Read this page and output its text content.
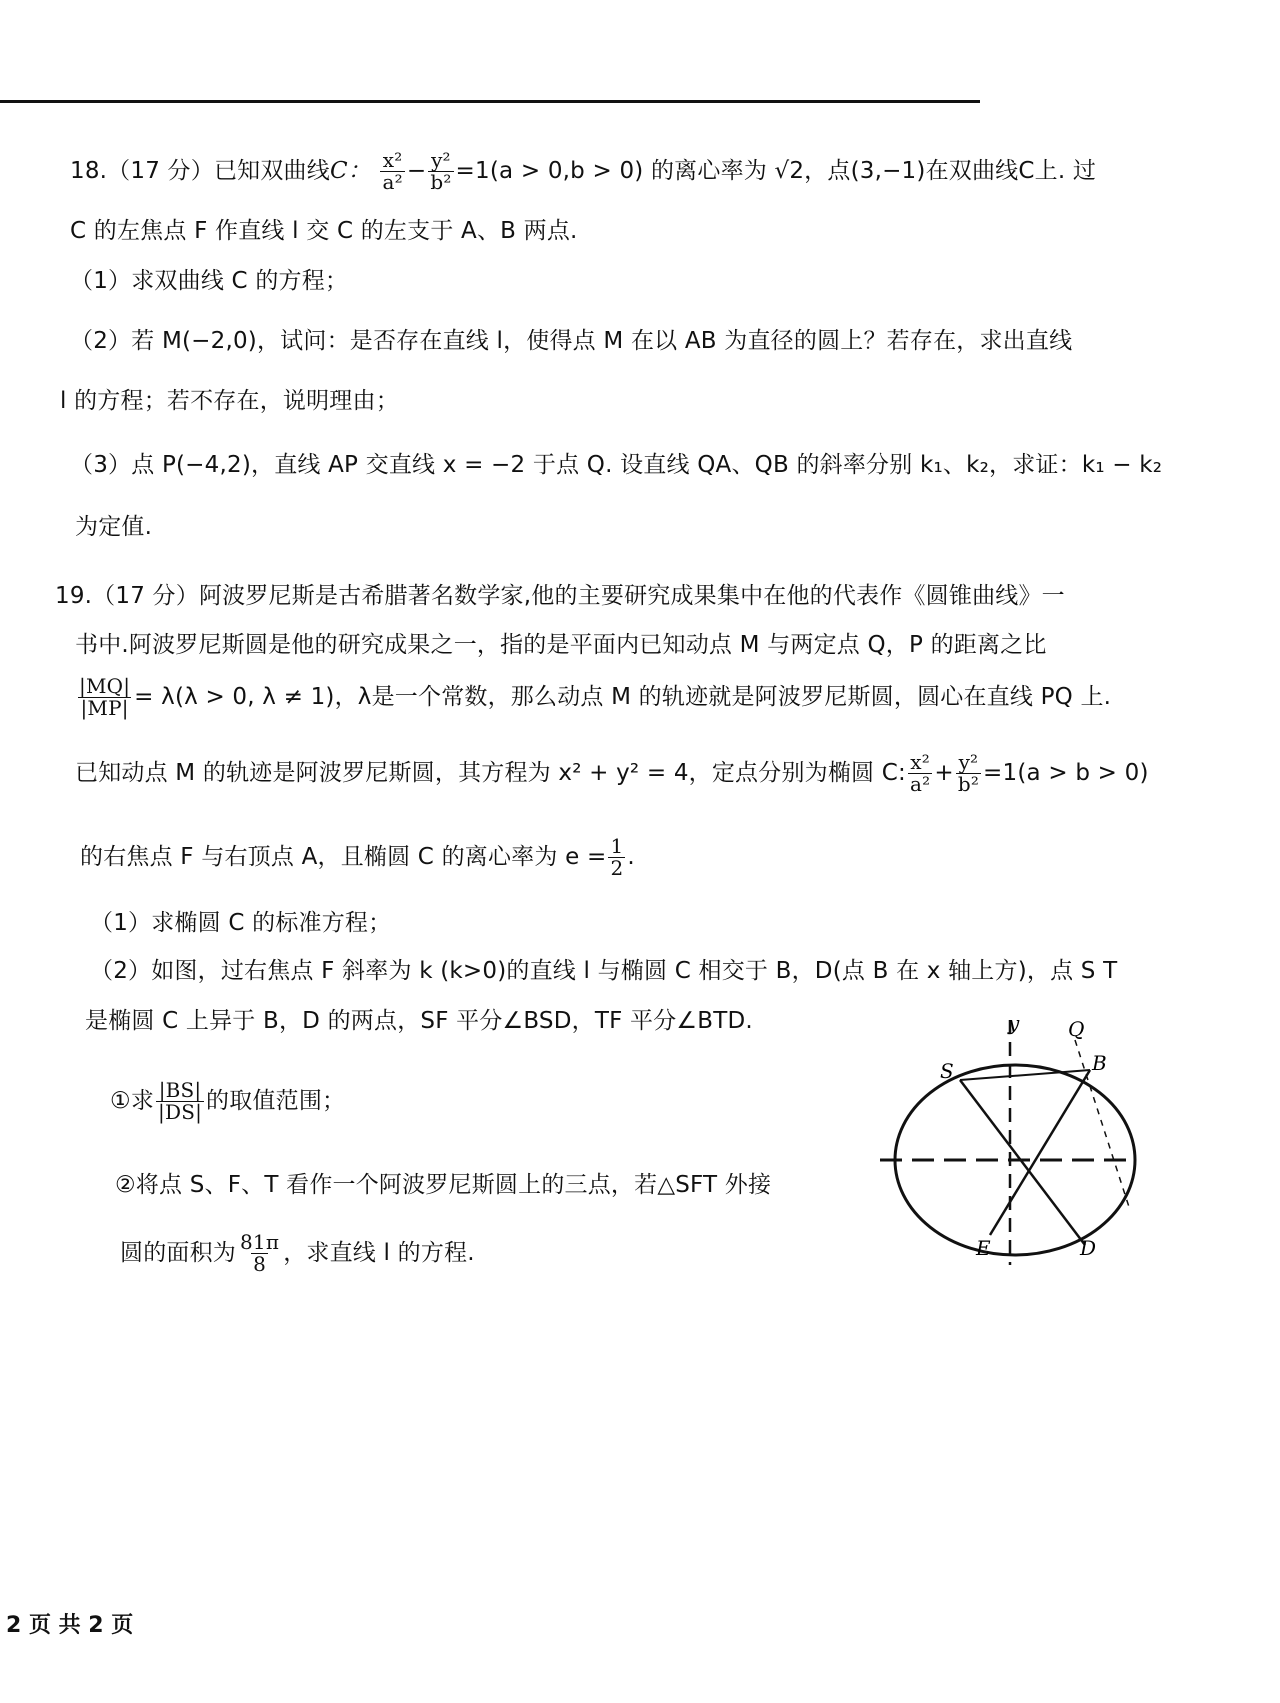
18.（17 分）已知双曲线C： $\frac{\text{x²}}{\text{a²}} - \frac{\text{y²}}{\text{b²}} =1(a > 0,b > 0)$ 的离心率为 √2，点(3,−1)在双曲线C上. 过
C 的左焦点 F 作直线 l 交 C 的左支于 A、B 两点.
（1）求双曲线 C 的方程；
（2）若 M(−2,0)，试问：是否存在直线 l，使得点 M 在以 AB 为直径的圆上？若存在，求出直线
l 的方程；若不存在，说明理由；
（3）点 P(−4,2)，直线 AP 交直线 x = −2 于点 Q. 设直线 QA、QB 的斜率分别 k₁、k₂，求证：k₁ − k₂
为定值.
19.（17 分）阿波罗尼斯是古希腊著名数学家,他的主要研究成果集中在他的代表作《圆锥曲线》一
书中.阿波罗尼斯圆是他的研究成果之一，指的是平面内已知动点 M 与两定点 Q，P 的距离之比
$\frac{|MQ|}{|MP|} = \lambda(\lambda > 0$, λ ≠ 1)，λ是一个常数，那么动点 M 的轨迹就是阿波罗尼斯圆，圆心在直线 PQ 上.
已知动点 M 的轨迹是阿波罗尼斯圆，其方程为 x² + y² = 4，定点分别为椭圆 C: $\frac{\text{x²}}{\text{a²}} + \frac{\text{y²}}{\text{b²}} =1(a > b > 0)$
的右焦点 F 与右顶点 A，且椭圆 C 的离心率为 $e = \frac{1}{2}$ .
（1）求椭圆 C 的标准方程；
（2）如图，过右焦点 F 斜率为 k (k>0)的直线 l 与椭圆 C 相交于 B，D(点 B 在 x 轴上方)，点 S T
是椭圆 C 上异于 B，D 的两点，SF 平分∠BSD，TF 平分∠BTD.
①求 $\frac{|BS|}{|DS|}$ 的取值范围；
②将点 S、F、T 看作一个阿波罗尼斯圆上的三点，若△SFT 外接
圆的面积为 $\frac{81\pi}{8}$ ，求直线 l 的方程.
y
S	B
E	D
Q
2 页 共 2 页
